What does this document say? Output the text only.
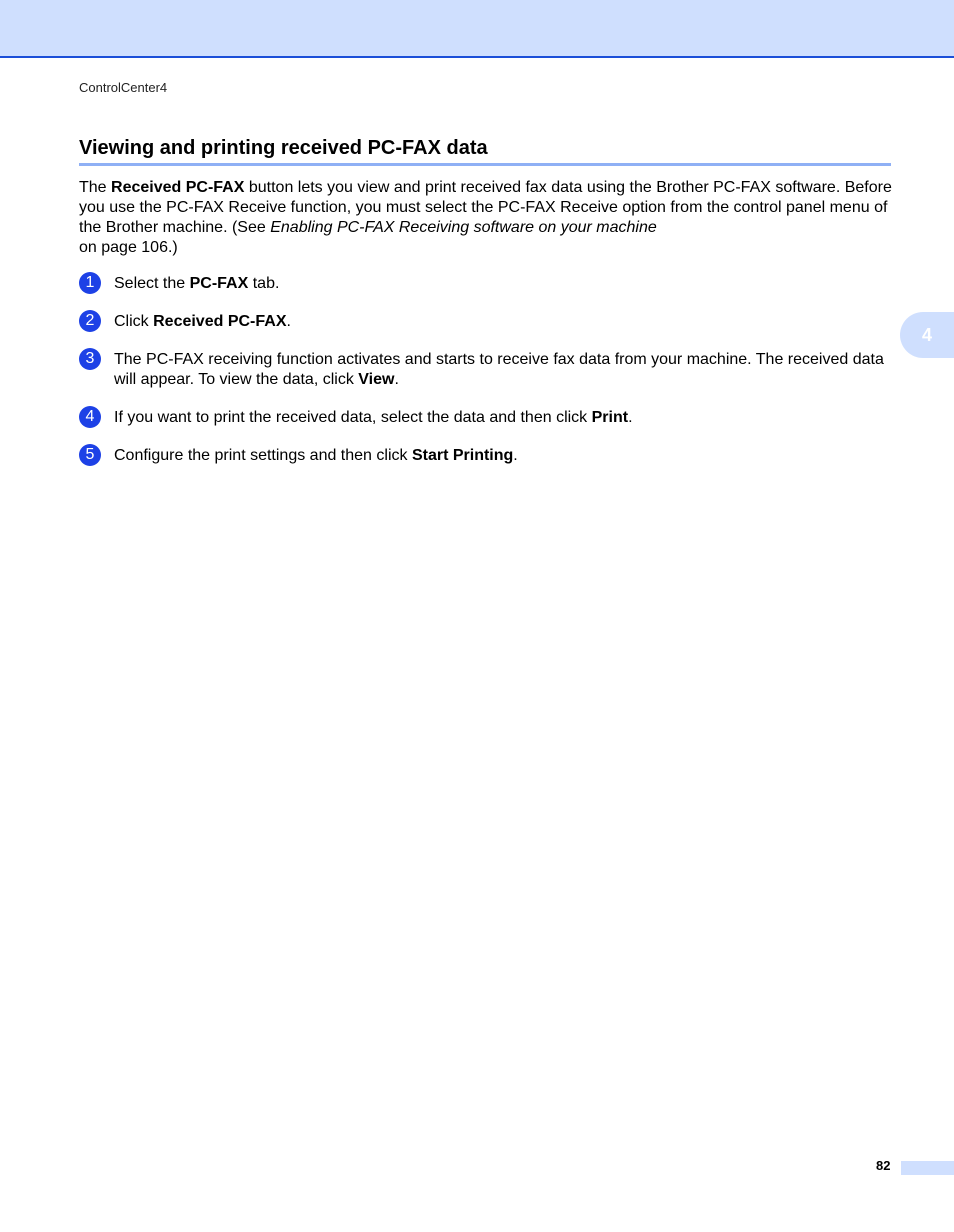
ControlCenter4
Viewing and printing received PC-FAX data

The Received PC-FAX button lets you view and print received fax data using the Brother PC-FAX software. Before you use the PC-FAX Receive function, you must select the PC-FAX Receive option from the control panel menu of the Brother machine. (See Enabling PC-FAX Receiving software on your machine
on page 106.)

1	Select the PC-FAX tab.
2	Click Received PC-FAX.
3	The PC-FAX receiving function activates and starts to receive fax data from your machine. The received data will appear. To view the data, click View.
4	If you want to print the received data, select the data and then click Print.
5	Configure the print settings and then click Start Printing.
4
82
